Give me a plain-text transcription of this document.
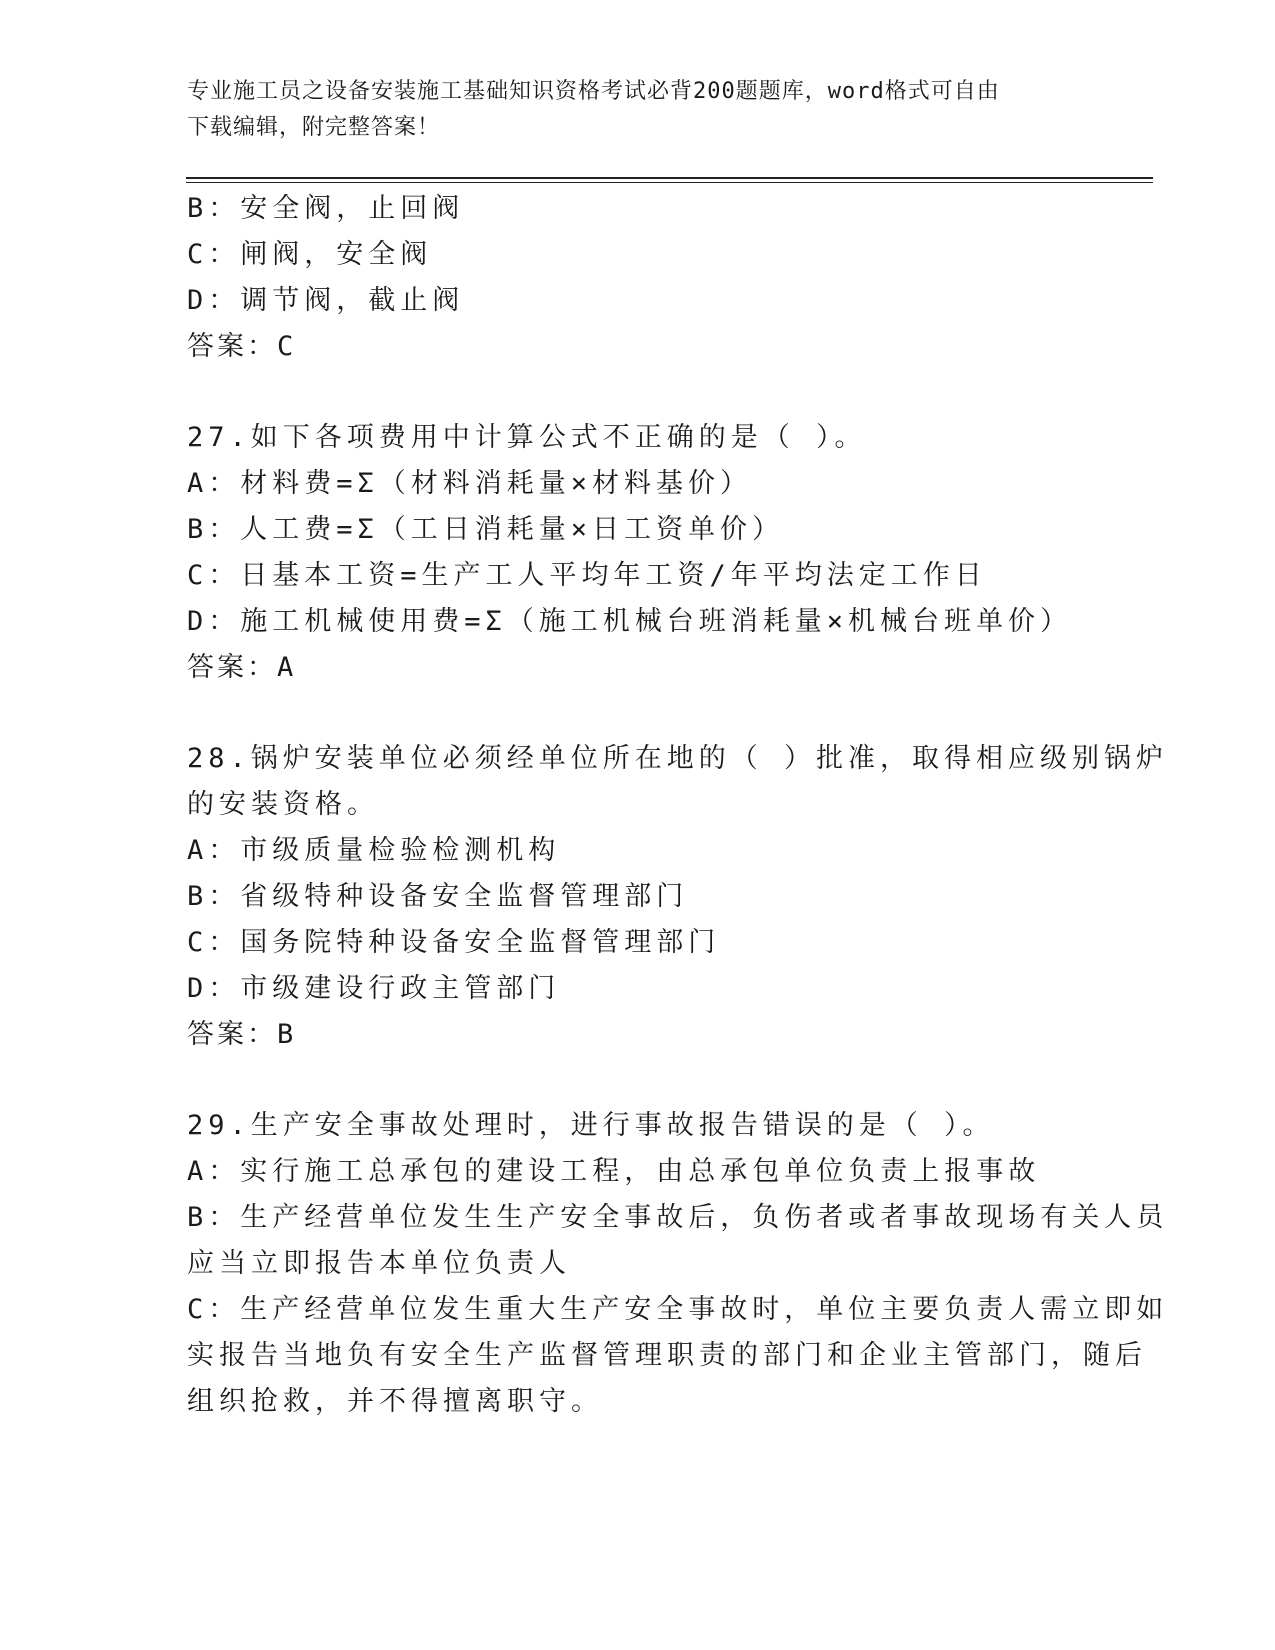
专业施工员之设备安装施工基础知识资格考试必背200题题库，word格式可自由
下载编辑，附完整答案！
B：安全阀，止回阀
C：闸阀，安全阀
D：调节阀，截止阀
答案：C
27.如下各项费用中计算公式不正确的是（ ）。
A：材料费=Σ（材料消耗量×材料基价）
B：人工费=Σ（工日消耗量×日工资单价）
C：日基本工资=生产工人平均年工资/年平均法定工作日
D：施工机械使用费=Σ（施工机械台班消耗量×机械台班单价）
答案：A
28.锅炉安装单位必须经单位所在地的（ ）批准，取得相应级别锅炉
的安装资格。
A：市级质量检验检测机构
B：省级特种设备安全监督管理部门
C：国务院特种设备安全监督管理部门
D：市级建设行政主管部门
答案：B
29.生产安全事故处理时，进行事故报告错误的是（ ）。
A：实行施工总承包的建设工程，由总承包单位负责上报事故
B：生产经营单位发生生产安全事故后，负伤者或者事故现场有关人员
应当立即报告本单位负责人
C：生产经营单位发生重大生产安全事故时，单位主要负责人需立即如
实报告当地负有安全生产监督管理职责的部门和企业主管部门，随后
组织抢救，并不得擅离职守。
